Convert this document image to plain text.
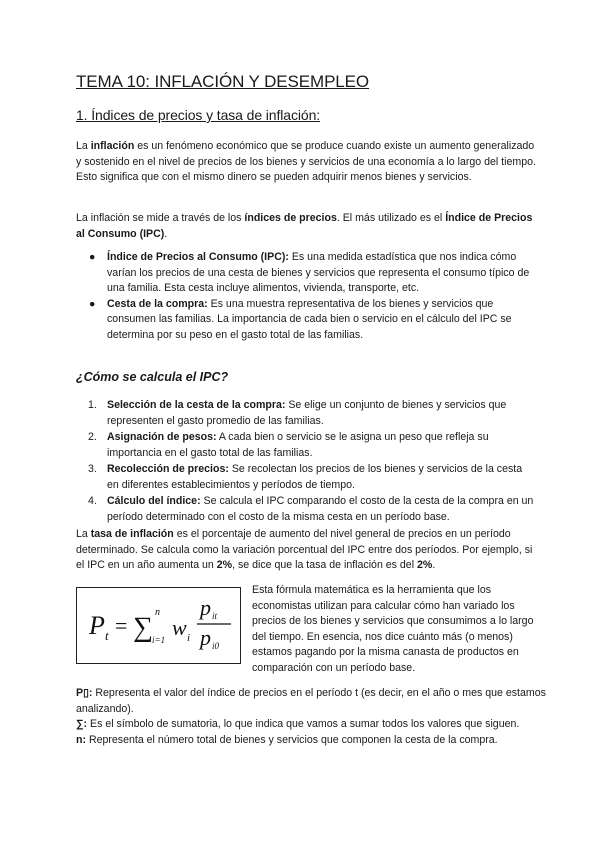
TEMA 10: INFLACIÓN Y DESEMPLEO
1. Índices de precios y tasa de inflación:
La inflación es un fenómeno económico que se produce cuando existe un aumento generalizado y sostenido en el nivel de precios de los bienes y servicios de una economía a lo largo del tiempo. Esto significa que con el mismo dinero se pueden adquirir menos bienes y servicios.
La inflación se mide a través de los índices de precios. El más utilizado es el Índice de Precios al Consumo (IPC).
● Índice de Precios al Consumo (IPC): Es una medida estadística que nos indica cómo varían los precios de una cesta de bienes y servicios que representa el consumo típico de una familia. Esta cesta incluye alimentos, vivienda, transporte, etc.
● Cesta de la compra: Es una muestra representativa de los bienes y servicios que consumen las familias. La importancia de cada bien o servicio en el cálculo del IPC se determina por su peso en el gasto total de las familias.
¿Cómo se calcula el IPC?
1. Selección de la cesta de la compra: Se elige un conjunto de bienes y servicios que representen el gasto promedio de las familias.
2. Asignación de pesos: A cada bien o servicio se le asigna un peso que refleja su importancia en el gasto total de las familias.
3. Recolección de precios: Se recolectan los precios de los bienes y servicios de la cesta en diferentes establecimientos y períodos de tiempo.
4. Cálculo del índice: Se calcula el IPC comparando el costo de la cesta de la compra en un período determinado con el costo de la misma cesta en un período base.
La tasa de inflación es el porcentaje de aumento del nivel general de precios en un período determinado. Se calcula como la variación porcentual del IPC entre dos períodos. Por ejemplo, si el IPC en un año aumenta un 2%, se dice que la tasa de inflación es del 2%.
P t = ∑ n
i=1 w i
p it
p i0
Esta fórmula matemática es la herramienta que los economistas utilizan para calcular cómo han variado los precios de los bienes y servicios que consumimos a lo largo del tiempo. En esencia, nos dice cuánto más (o menos) estamos pagando por la misma canasta de productos en comparación con un período base.
P▯: Representa el valor del índice de precios en el período t (es decir, en el año o mes que estamos analizando).
∑: Es el símbolo de sumatoria, lo que indica que vamos a sumar todos los valores que siguen.
n: Representa el número total de bienes y servicios que componen la cesta de la compra.
